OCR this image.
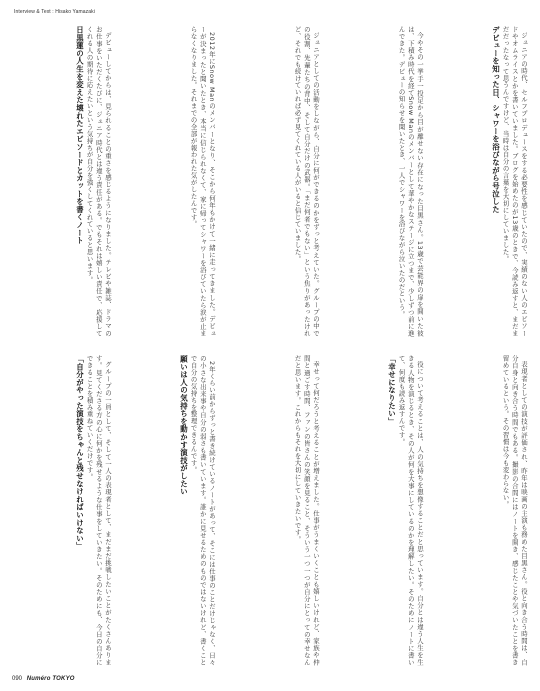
Interview & Text : Hisako Yamazaki

ジュニアの時代、セルフプロデュースをする必要性を感じていたので、実績のない人のエピソードやオムライスとかを書いていました。ブログを始めたのが13歳のときで、今読み返すと、まだまだだったなって思うんですけど、当時は自分の言葉を大切にしていました。

デビューを知った日、シャワーを浴びながら号泣した

今やその一挙手一投足から目が離せない存在になった目黒さん。13歳で芸能界の扉を開いた彼は、下積み時代を経てSnow Manのメンバーとして華やかなステージに立つまで、少しずつ前に進んできた。デビューの知らせを聞いたとき、一人でシャワーを浴びながら泣いたのだという。

ジュニアとしての活動をしながら、自分に何ができるのかをずっと考えていた。グループの中での役割、先輩たちの背中、そして自分だけの武器。「まだ何者でもない」という焦りがあったけれど、それでも続けていれば必ず見てくれている人がいると信じていました。

2012年にSnow Manのメンバーとなり、そこから何年もかけて一緒に走ってきました。デビューが決まったと聞いたとき、本当に信じられなくて、家に帰ってシャワーを浴びていたら涙が止まらなくなりました。それまでの全部が報われた気がしたんです。

デビューしてからは、見られることの重さを感じるようになりました。テレビや雑誌、ドラマのお仕事をいただくたびに、ジュニア時代とは違う責任がある。でもそれは嬉しい責任で、応援してくれる人の期待に応えたいという気持ちが自分を強くしてくれていると思います。

日黒蓮の人生を変えた壊れたエピソードとカットを書くノート

表現者としての演技が評価され、昨年は映画の主演も務めた目黒さん。役と向き合う時間は、自分自身と向き合う時間でもある。撮影の合間にはノートを開き、感じたことや気づいたことを書き留めているという。その習慣は今も変わらない。

役について考えることは、人の気持ちを想像することだと思っています。自分とは違う人生を生きる人物を演じるとき、その人が何を大事にしているのかを理解したい。そのためにノートに書いて、何度も読み返すんです。

「幸せになりたい」

幸せって何だろうと考えることが増えました。仕事がうまくいくことも嬉しいけれど、家族や仲間と過ごす時間、ファンの皆さんの笑顔を見ること、そういう一つ一つが自分にとっての幸せなんだと思います。これからもそれを大切にしていきたいです。

2年くらい前からずっと書き続けているノートがあって、そこには仕事のことだけじゃなく、日々の小さな出来事や自分の弱さも書いています。誰かに見せるためのものではないけれど、書くことで自分の気持ちを整理できるんです。

願いは人の気持ちを動かす演技がしたい

グループの一員として、そして一人の表現者として、まだまだ挑戦したいことがたくさんあります。見てくださる方の心に何かを残せるような仕事をしていきたい。そのためにも、今日の自分にできることを積み重ねていくだけです。

「自分がやった演技をちゃんと残せなければいけない」

090 Numéro TOKYO
